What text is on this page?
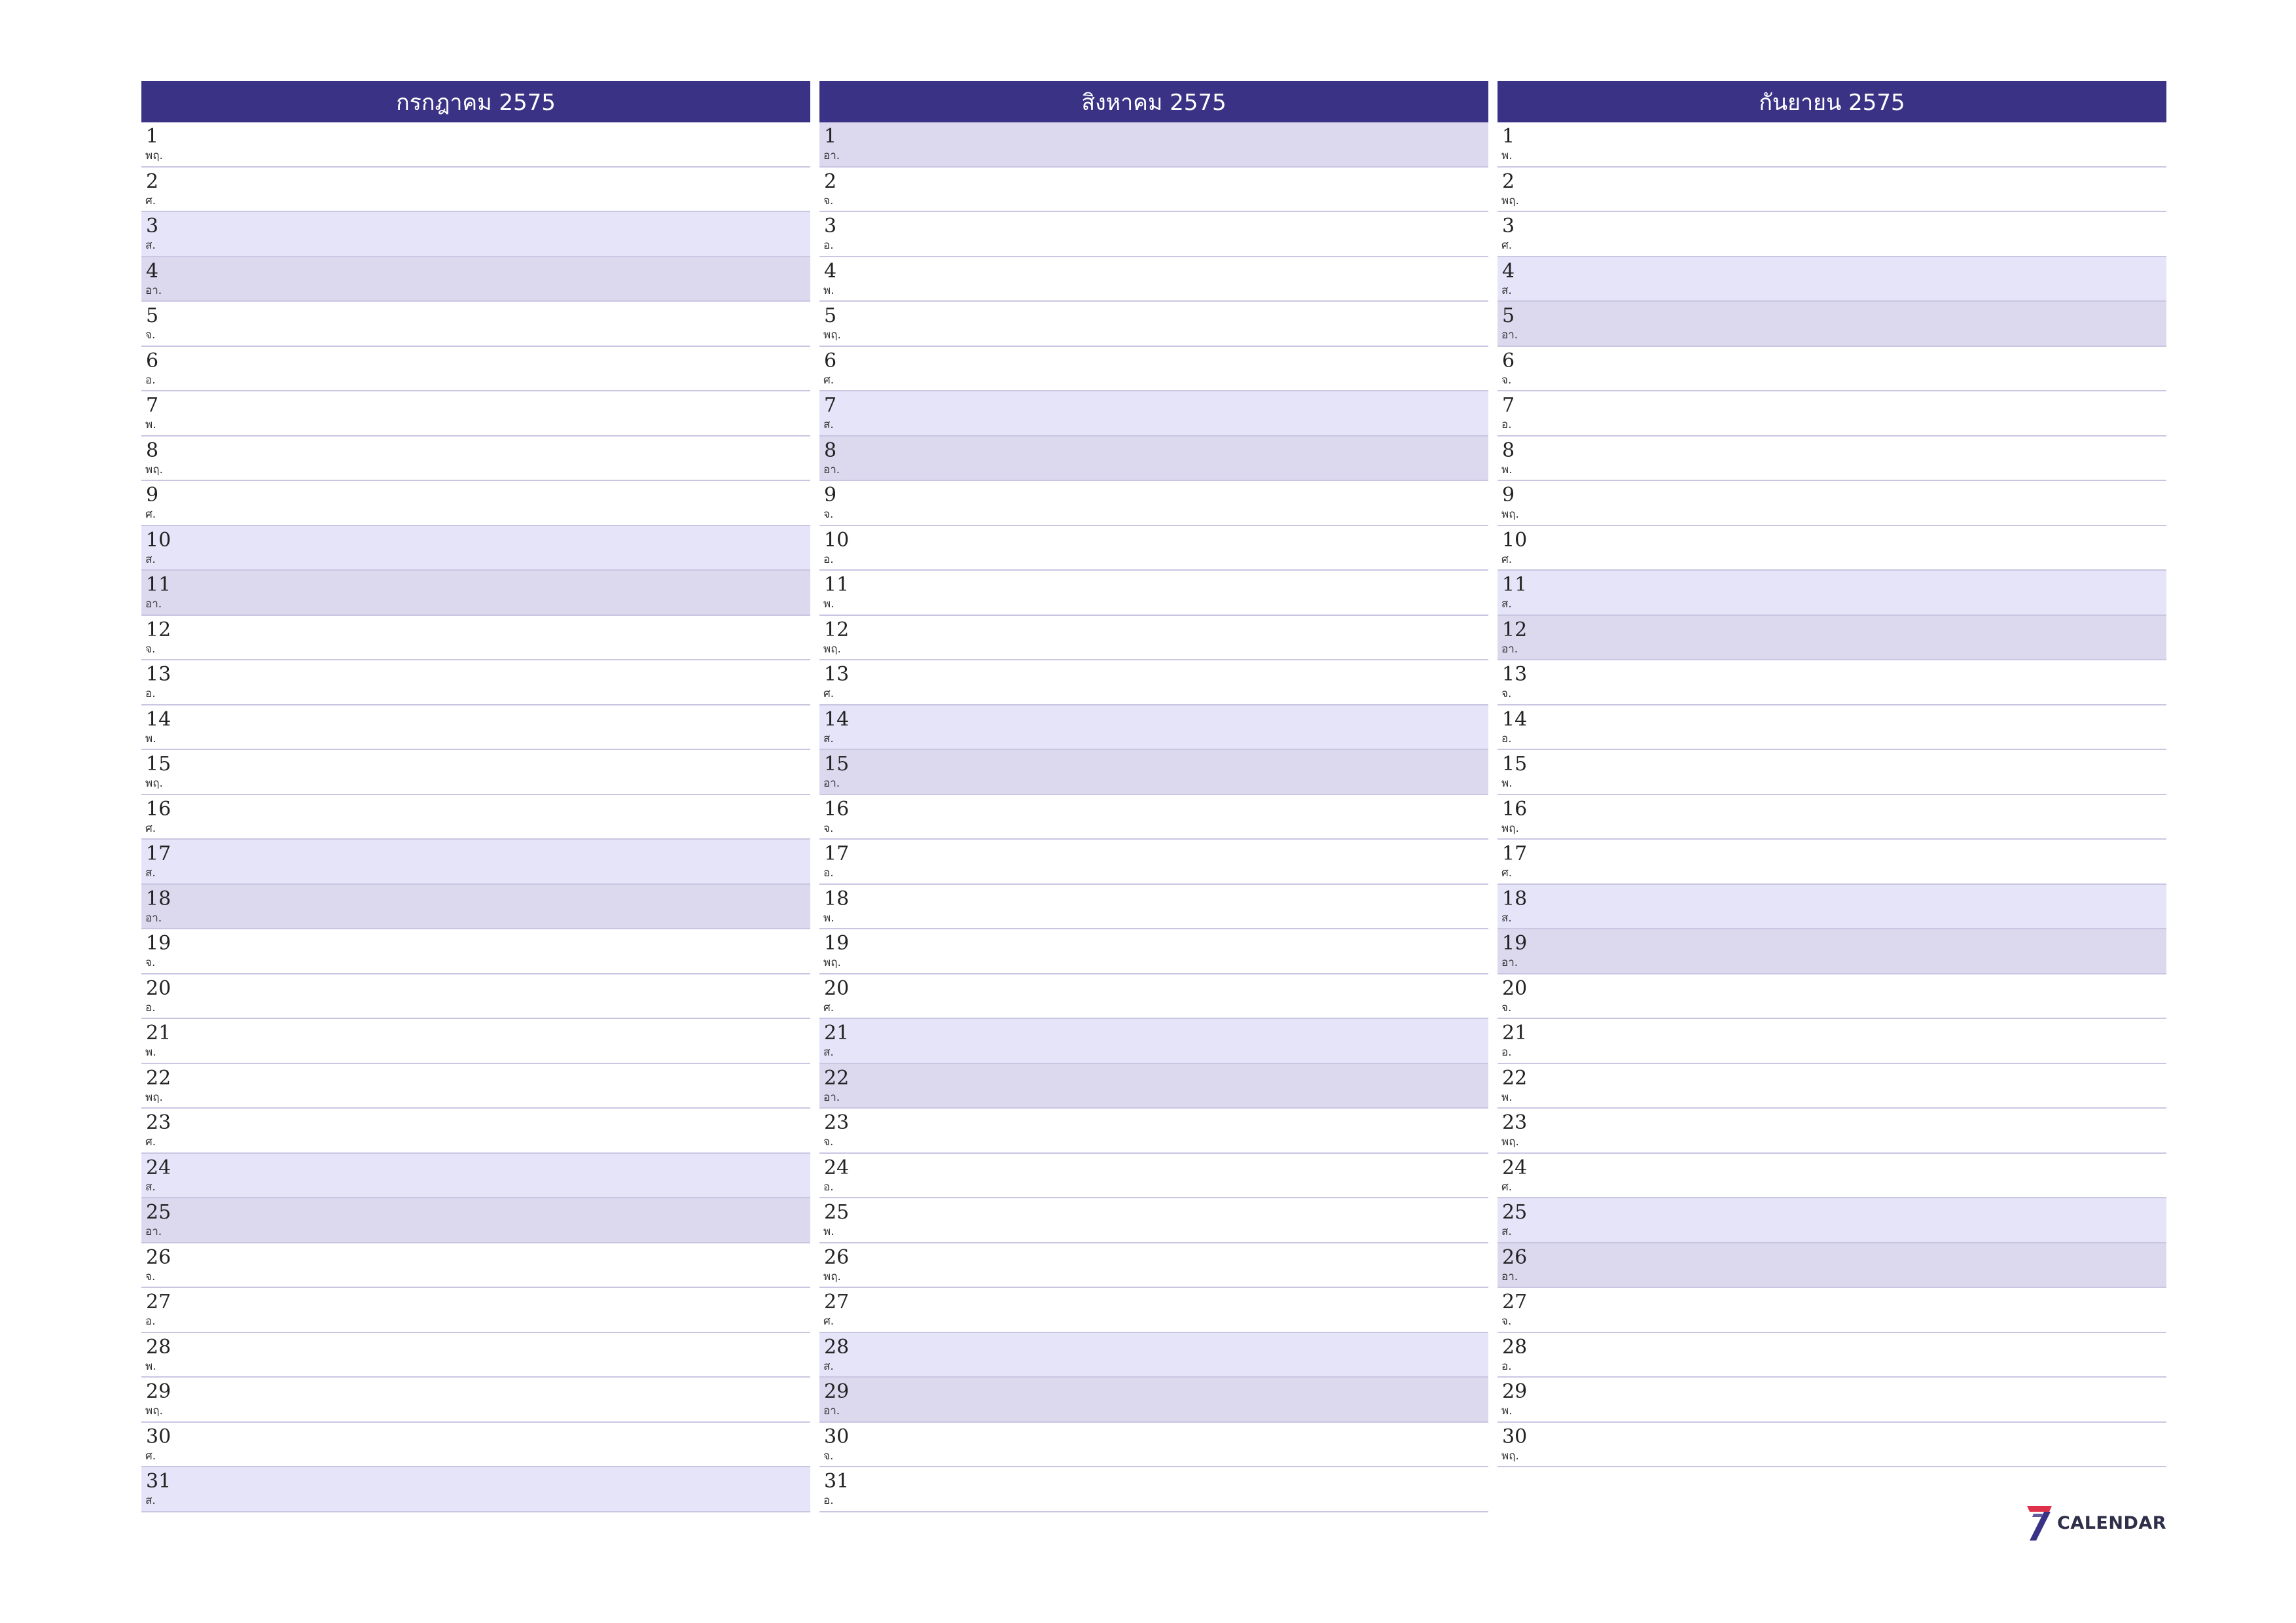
กรกฎาคม 2575
1
พฤ.
2
ศ.
3
ส.
4
อา.
5
จ.
6
อ.
7
พ.
8
พฤ.
9
ศ.
10
ส.
11
อา.
12
จ.
13
อ.
14
พ.
15
พฤ.
16
ศ.
17
ส.
18
อา.
19
จ.
20
อ.
21
พ.
22
พฤ.
23
ศ.
24
ส.
25
อา.
26
จ.
27
อ.
28
พ.
29
พฤ.
30
ศ.
31
ส.
สิงหาคม 2575
1
อา.
2
จ.
3
อ.
4
พ.
5
พฤ.
6
ศ.
7
ส.
8
อา.
9
จ.
10
อ.
11
พ.
12
พฤ.
13
ศ.
14
ส.
15
อา.
16
จ.
17
อ.
18
พ.
19
พฤ.
20
ศ.
21
ส.
22
อา.
23
จ.
24
อ.
25
พ.
26
พฤ.
27
ศ.
28
ส.
29
อา.
30
จ.
31
อ.
กันยายน 2575
1
พ.
2
พฤ.
3
ศ.
4
ส.
5
อา.
6
จ.
7
อ.
8
พ.
9
พฤ.
10
ศ.
11
ส.
12
อา.
13
จ.
14
อ.
15
พ.
16
พฤ.
17
ศ.
18
ส.
19
อา.
20
จ.
21
อ.
22
พ.
23
พฤ.
24
ศ.
25
ส.
26
อา.
27
จ.
28
อ.
29
พ.
30
พฤ.
CALENDAR
